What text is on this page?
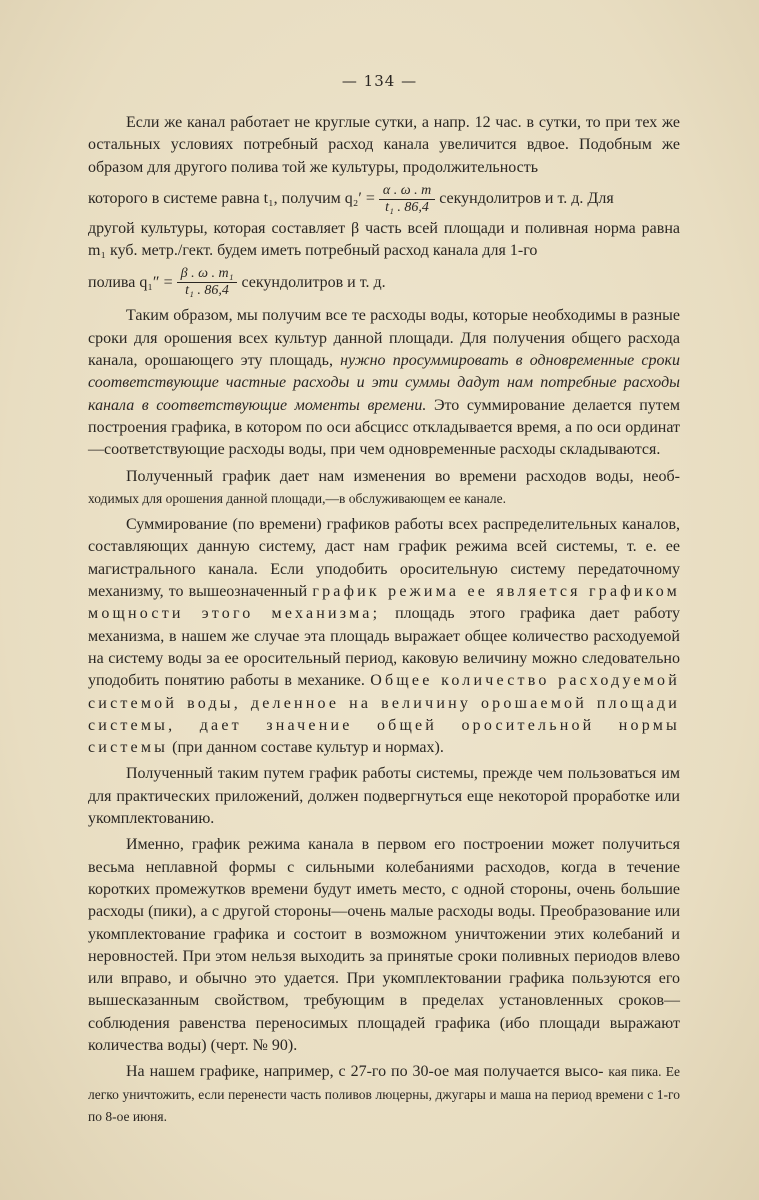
— 134 —

Если же канал работает не круглые сутки, а напр. 12 час. в сутки, то при тех же остальных условиях потребный расход канала увеличится вдвое. Подобным же образом для другого полива той же культуры, продолжительность

которого в системе равна t₁, получим $q_2' = \frac{\alpha . \omega . m}{\text{t₁ . 86,4}}$ секундолитров и т. д. Для

другой культуры, которая составляет β часть всей площади и поливная норма равна m₁ куб. метр./гект. будем иметь потребный расход канала для 1-го

полива $q_1'' = \frac{\text{β . ω . m₁}}{\text{t₁ . 86,4}}$ секундолитров и т. д.

Таким образом, мы получим все те расходы воды, которые необходимы в разные сроки для орошения всех культур данной площади. Для получения общего расхода канала, орошающего эту площадь, нужно просуммировать в одновременные сроки соответствующие частные расходы и эти суммы дадут нам потребные расходы канала в соответствующие моменты времени. Это суммирование делается путем построения графика, в котором по оси абсцисс откладывается время, а по оси ординат—соответствующие расходы воды, при чем одновременные расходы складываются.

Полученный график дает нам изменения во времени расходов воды, необ- ходимых для орошения данной площади,—в обслуживающем ее канале.

Суммирование (по времени) графиков работы всех распределительных каналов, составляющих данную систему, даст нам график режима всей системы, т. е. ее магистрального канала. Если уподобить оросительную систему передаточному механизму, то вышеозначенный график режима ее является графиком мощности этого механизма; площадь этого графика дает работу механизма, в нашем же случае эта площадь выражает общее количество расходуемой на систему воды за ее оросительный период, каковую величину можно следовательно уподобить понятию работы в механике. Общее количество расходуемой системой воды, деленное на величину орошаемой площади системы, дает значение общей оросительной нормы системы (при данном составе культур и нормах).

Полученный таким путем график работы системы, прежде чем пользоваться им для практических приложений, должен подвергнуться еще некоторой проработке или укомплектованию.

Именно, график режима канала в первом его построении может получиться весьма неплавной формы с сильными колебаниями расходов, когда в течение коротких промежутков времени будут иметь место, с одной стороны, очень большие расходы (пики), а с другой стороны—очень малые расходы воды. Преобразование или укомплектование графика и состоит в возможном уничтожении этих колебаний и неровностей. При этом нельзя выходить за принятые сроки поливных периодов влево или вправо, и обычно это удается. При укомплектовании графика пользуются его вышесказанным свойством, требующим в пределах установленных сроков—соблюдения равенства переносимых площадей графика (ибо площади выражают количества воды) (черт. № 90).

На нашем графике, например, с 27-го по 30-ое мая получается высо- кая пика. Ее легко уничтожить, если перенести часть поливов люцерны, джугары и маша на период времени с 1-го по 8-ое июня.
